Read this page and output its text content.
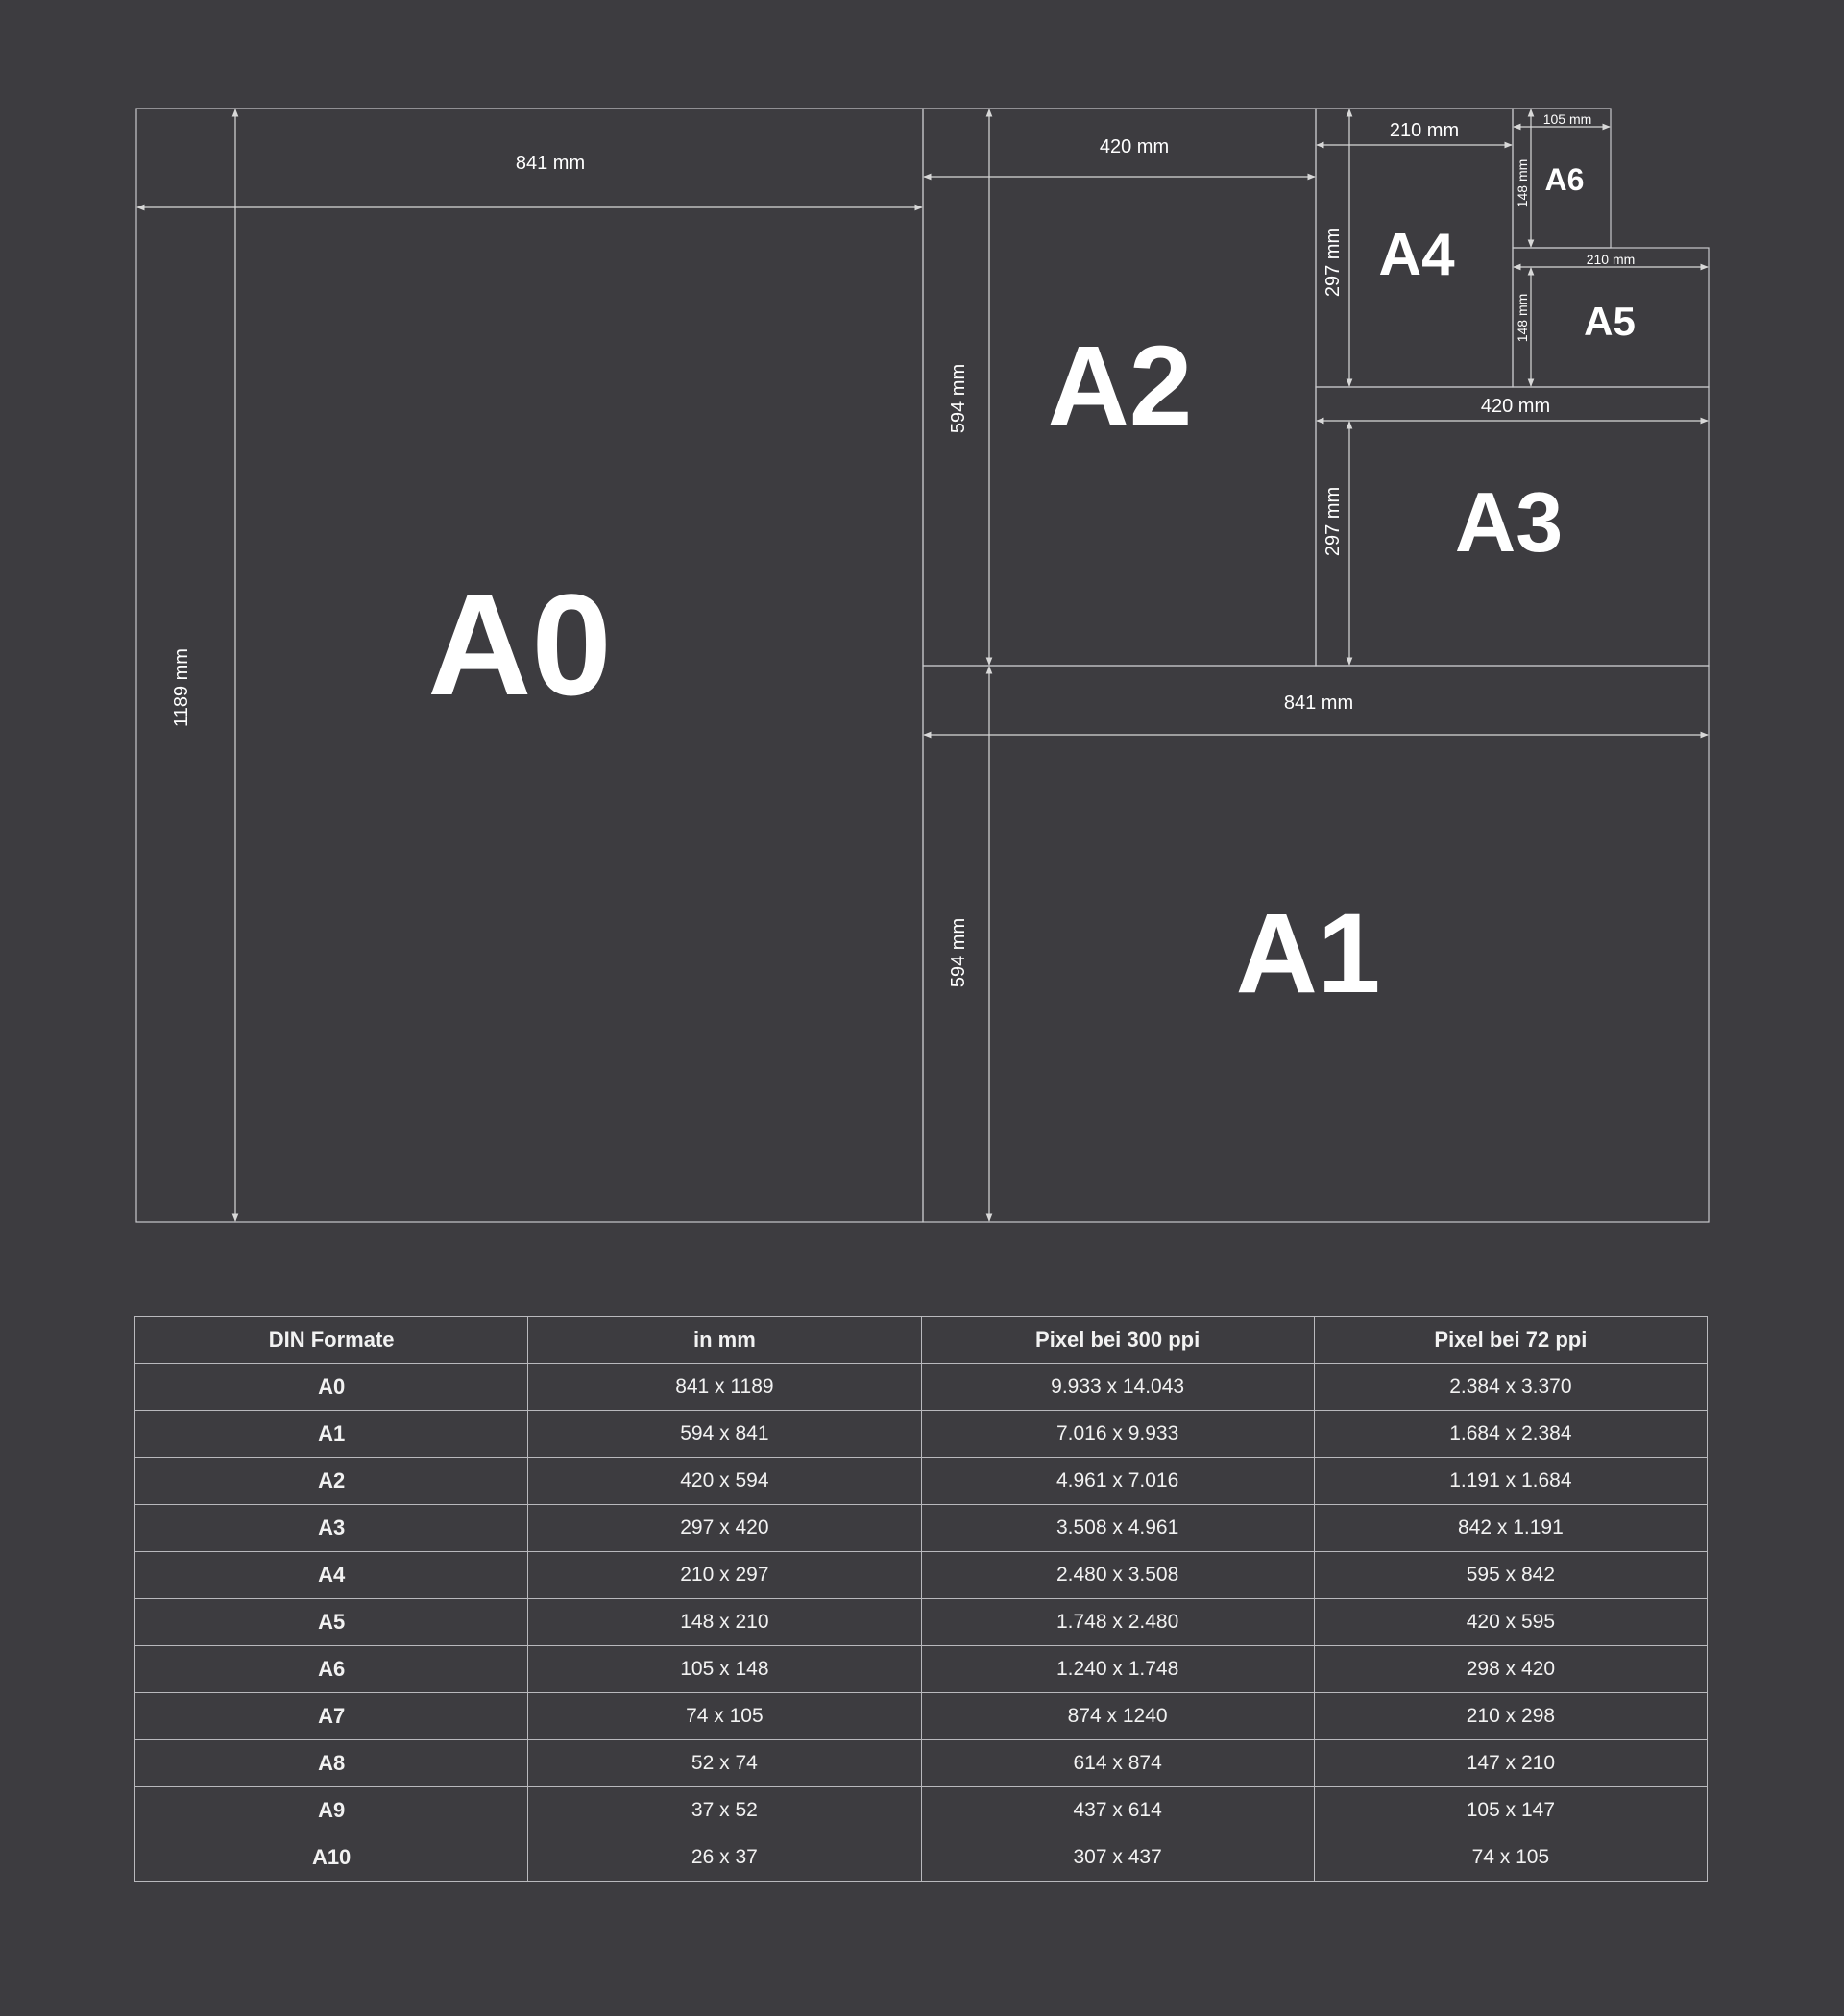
841 mm
1189 mm A0	841 mm
594 mm A1
420 mm
594 mm A2	420 mm
297 mm A3
210 mm
297 mm A4	210 mm
148 mm A5
105 mm
148 mm A6
DIN Formate	in mm	Pixel bei 300 ppi	Pixel bei 72 ppi
A0	841 x 1189	9.933 x 14.043	2.384 x 3.370
A1	594 x 841	7.016 x 9.933	1.684 x 2.384
A2	420 x 594	4.961 x 7.016	1.191 x 1.684
A3	297 x 420	3.508 x 4.961	842 x 1.191
A4	210 x 297	2.480 x 3.508	595 x 842
A5	148 x 210	1.748 x 2.480	420 x 595
A6	105 x 148	1.240 x 1.748	298 x 420
A7	74 x 105	874 x 1240	210 x 298
A8	52 x 74	614 x 874	147 x 210
A9	37 x 52	437 x 614	105 x 147
A10	26 x 37	307 x 437	74 x 105
